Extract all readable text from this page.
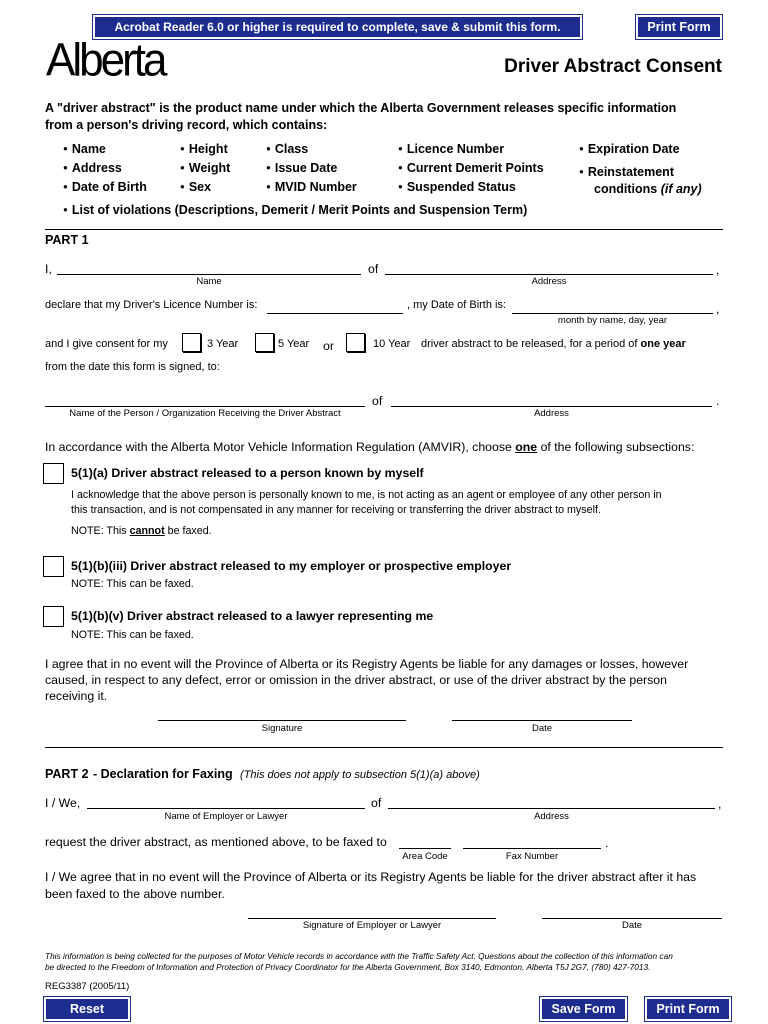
Acrobat Reader 6.0 or higher is required to complete, save & submit this form.	Print Form
Alberta	Driver Abstract Consent
A "driver abstract" is the product name under which the Alberta Government releases specific information
from a person's driving record, which contains:
● Name
● Address
● Date of Birth
● Height
● Weight
● Sex
● Class
● Issue Date
● MVID Number
● Licence Number
● Current Demerit Points
● Suspended Status
● Expiration Date
● Reinstatement
conditions (if any)
● List of violations (Descriptions, Demerit / Merit Points and Suspension Term)
PART 1
I,	of	,
Name	Address
declare that my Driver's Licence Number is:	, my Date of Birth is:	,
month by name, day, year
and I give consent for my	3 Year	5 Year or	10 Year driver abstract to be released, for a period of one year
from the date this form is signed, to:
of	.
Name of the Person / Organization Receiving the Driver Abstract	Address
In accordance with the Alberta Motor Vehicle Information Regulation (AMVIR), choose one of the following subsections:
5(1)(a) Driver abstract released to a person known by myself
I acknowledge that the above person is personally known to me, is not acting as an agent or employee of any other person in
this transaction, and is not compensated in any manner for receiving or transferring the driver abstract to myself.
NOTE: This cannot be faxed.
5(1)(b)(iii) Driver abstract released to my employer or prospective employer
NOTE: This can be faxed.
5(1)(b)(v) Driver abstract released to a lawyer representing me
NOTE: This can be faxed.
I agree that in no event will the Province of Alberta or its Registry Agents be liable for any damages or losses, however
caused, in respect to any defect, error or omission in the driver abstract, or use of the driver abstract by the person
receiving it.
Signature	Date
PART 2 - Declaration for Faxing (This does not apply to subsection 5(1)(a) above)
I / We,	of	,
Name of Employer or Lawyer	Address
request the driver abstract, as mentioned above, to be faxed to	.
Area Code	Fax Number
I / We agree that in no event will the Province of Alberta or its Registry Agents be liable for the driver abstract after it has
been faxed to the above number.
Signature of Employer or Lawyer	Date
This information is being collected for the purposes of Motor Vehicle records in accordance with the Traffic Safety Act. Questions about the collection of this information can
be directed to the Freedom of Information and Protection of Privacy Coordinator for the Alberta Government, Box 3140, Edmonton, Alberta T5J 2G7, (780) 427-7013.
REG3387 (2005/11)
Reset	Save Form	Print Form
